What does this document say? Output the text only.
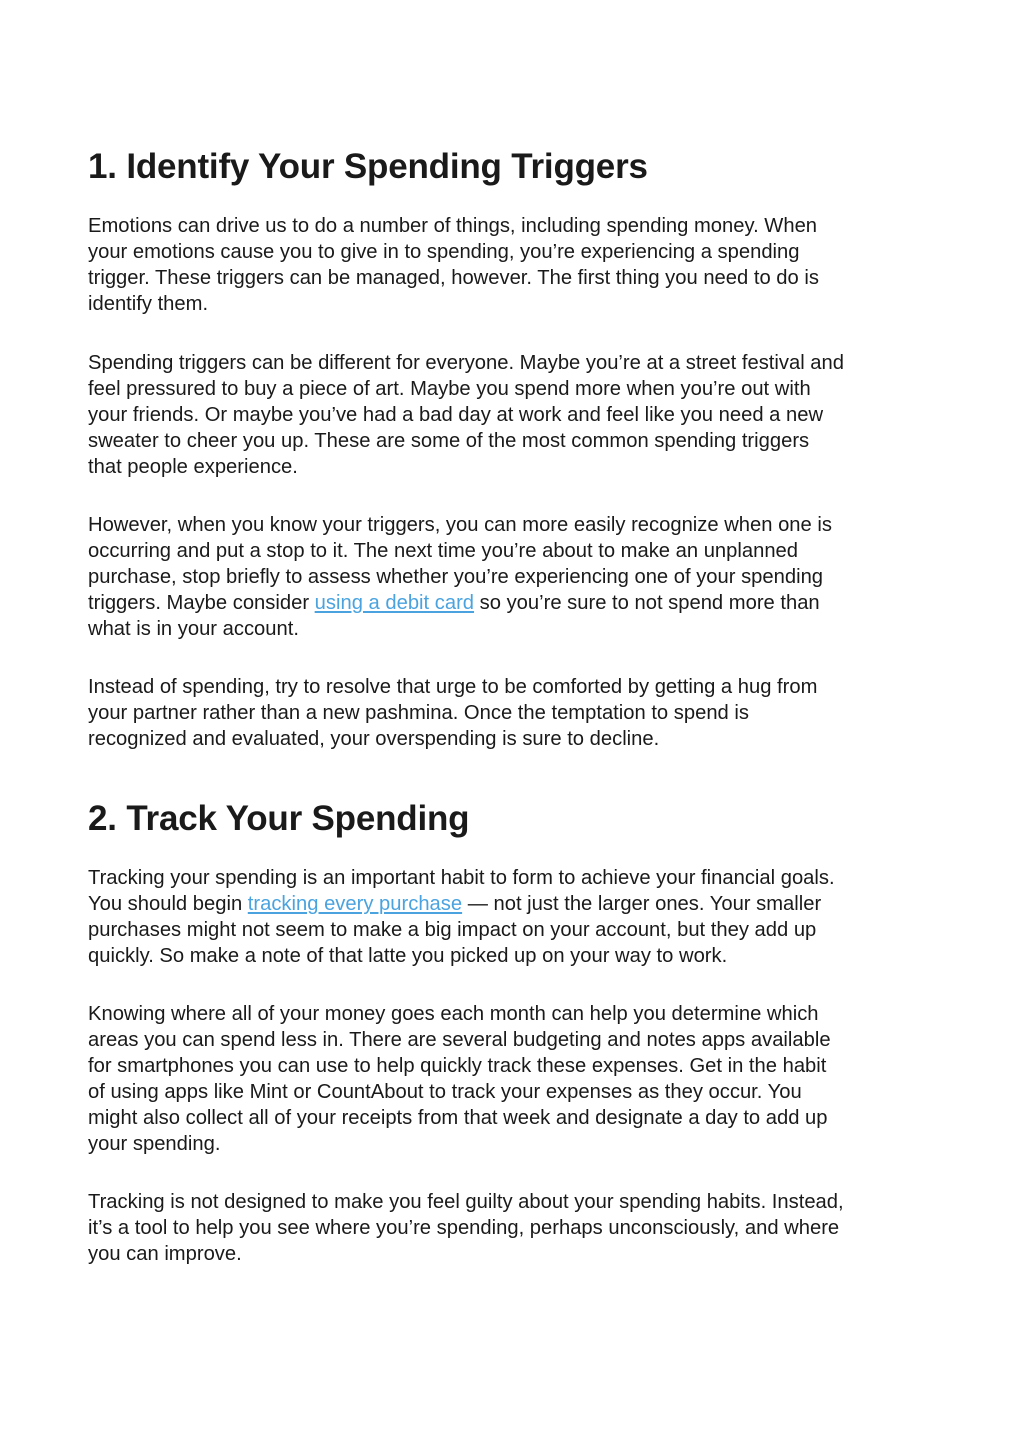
1. Identify Your Spending Triggers

Emotions can drive us to do a number of things, including spending money. When
your emotions cause you to give in to spending, you’re experiencing a spending
trigger. These triggers can be managed, however. The first thing you need to do is
identify them.

Spending triggers can be different for everyone. Maybe you’re at a street festival and
feel pressured to buy a piece of art. Maybe you spend more when you’re out with
your friends. Or maybe you’ve had a bad day at work and feel like you need a new
sweater to cheer you up. These are some of the most common spending triggers
that people experience.

However, when you know your triggers, you can more easily recognize when one is
occurring and put a stop to it. The next time you’re about to make an unplanned
purchase, stop briefly to assess whether you’re experiencing one of your spending
triggers. Maybe consider using a debit card so you’re sure to not spend more than
what is in your account.

Instead of spending, try to resolve that urge to be comforted by getting a hug from
your partner rather than a new pashmina. Once the temptation to spend is
recognized and evaluated, your overspending is sure to decline.

2. Track Your Spending

Tracking your spending is an important habit to form to achieve your financial goals.
You should begin tracking every purchase — not just the larger ones. Your smaller
purchases might not seem to make a big impact on your account, but they add up
quickly. So make a note of that latte you picked up on your way to work.

Knowing where all of your money goes each month can help you determine which
areas you can spend less in. There are several budgeting and notes apps available
for smartphones you can use to help quickly track these expenses. Get in the habit
of using apps like Mint or CountAbout to track your expenses as they occur. You
might also collect all of your receipts from that week and designate a day to add up
your spending.

Tracking is not designed to make you feel guilty about your spending habits. Instead,
it’s a tool to help you see where you’re spending, perhaps unconsciously, and where
you can improve.
